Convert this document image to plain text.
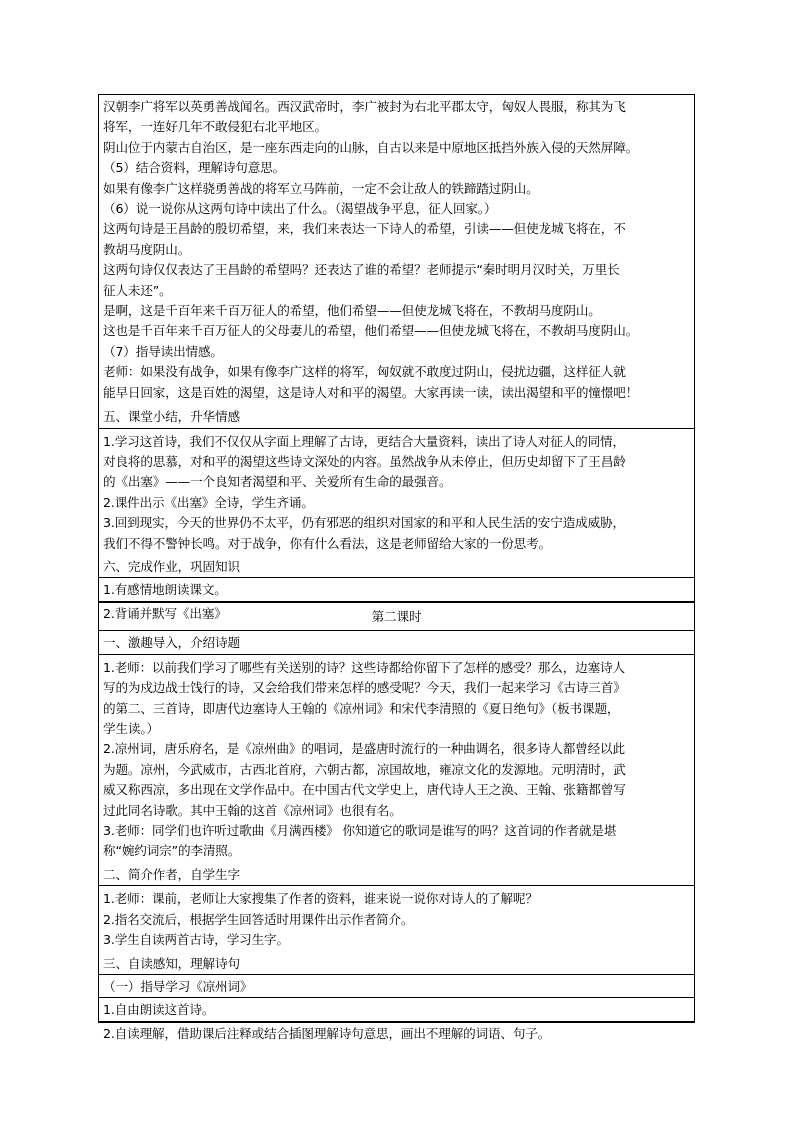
汉朝李广将军以英勇善战闻名。西汉武帝时，李广被封为右北平郡太守，匈奴人畏服，称其为飞

将军，一连好几年不敢侵犯右北平地区。

阴山位于内蒙古自治区，是一座东西走向的山脉，自古以来是中原地区抵挡外族入侵的天然屏障。

（5）结合资料，理解诗句意思。

如果有像李广这样骁勇善战的将军立马阵前，一定不会让敌人的铁蹄踏过阴山。

（6）说一说你从这两句诗中读出了什么。（渴望战争平息，征人回家。）

这两句诗是王昌龄的殷切希望，来，我们来表达一下诗人的希望，引读——但使龙城飞将在，不

教胡马度阴山。

这两句诗仅仅表达了王昌龄的希望吗？还表达了谁的希望？老师提示“秦时明月汉时关，万里长

征人未还”。

是啊，这是千百年来千百万征人的希望，他们希望——但使龙城飞将在，不教胡马度阴山。

这也是千百年来千百万征人的父母妻儿的希望，他们希望——但使龙城飞将在，不教胡马度阴山。

（7）指导读出情感。

老师：如果没有战争，如果有像李广这样的将军，匈奴就不敢度过阴山，侵扰边疆，这样征人就

能早日回家，这是百姓的渴望，这是诗人对和平的渴望。大家再读一读，读出渴望和平的憧憬吧！

五、课堂小结，升华情感

1.学习这首诗，我们不仅仅从字面上理解了古诗，更结合大量资料，读出了诗人对征人的同情，

对良将的思慕，对和平的渴望这些诗文深处的内容。虽然战争从未停止，但历史却留下了王昌龄

的《出塞》——一个良知者渴望和平、关爱所有生命的最强音。

2.课件出示《出塞》全诗，学生齐诵。

3.回到现实，今天的世界仍不太平，仍有邪恶的组织对国家的和平和人民生活的安宁造成威胁，

我们不得不警钟长鸣。对于战争，你有什么看法，这是老师留给大家的一份思考。

六、完成作业，巩固知识

1.有感情地朗读课文。

2.背诵并默写《出塞》	第二课时

一、激趣导入，介绍诗题

1.老师：以前我们学习了哪些有关送别的诗？这些诗都给你留下了怎样的感受？那么，边塞诗人

写的为戍边战士饯行的诗，又会给我们带来怎样的感受呢？今天，我们一起来学习《古诗三首》

的第二、三首诗，即唐代边塞诗人王翰的《凉州词》和宋代李清照的《夏日绝句》（板书课题，

学生读。）

2.凉州词，唐乐府名，是《凉州曲》的唱词，是盛唐时流行的一种曲调名，很多诗人都曾经以此

为题。凉州，今武威市，古西北首府，六朝古都，凉国故地，雍凉文化的发源地。元明清时，武

威又称西凉，多出现在文学作品中。在中国古代文学史上，唐代诗人王之涣、王翰、张籍都曾写

过此同名诗歌。其中王翰的这首《凉州词》也很有名。

3.老师：同学们也许听过歌曲《月满西楼》 你知道它的歌词是谁写的吗？这首词的作者就是堪

称“婉约词宗”的李清照。

二、简介作者，自学生字

1.老师：课前，老师让大家搜集了作者的资料，谁来说一说你对诗人的了解呢？

2.指名交流后，根据学生回答适时用课件出示作者简介。

3.学生自读两首古诗，学习生字。

三、自读感知，理解诗句

（一）指导学习《凉州词》

1.自由朗读这首诗。

2.自读理解，借助课后注释或结合插图理解诗句意思，画出不理解的词语、句子。
